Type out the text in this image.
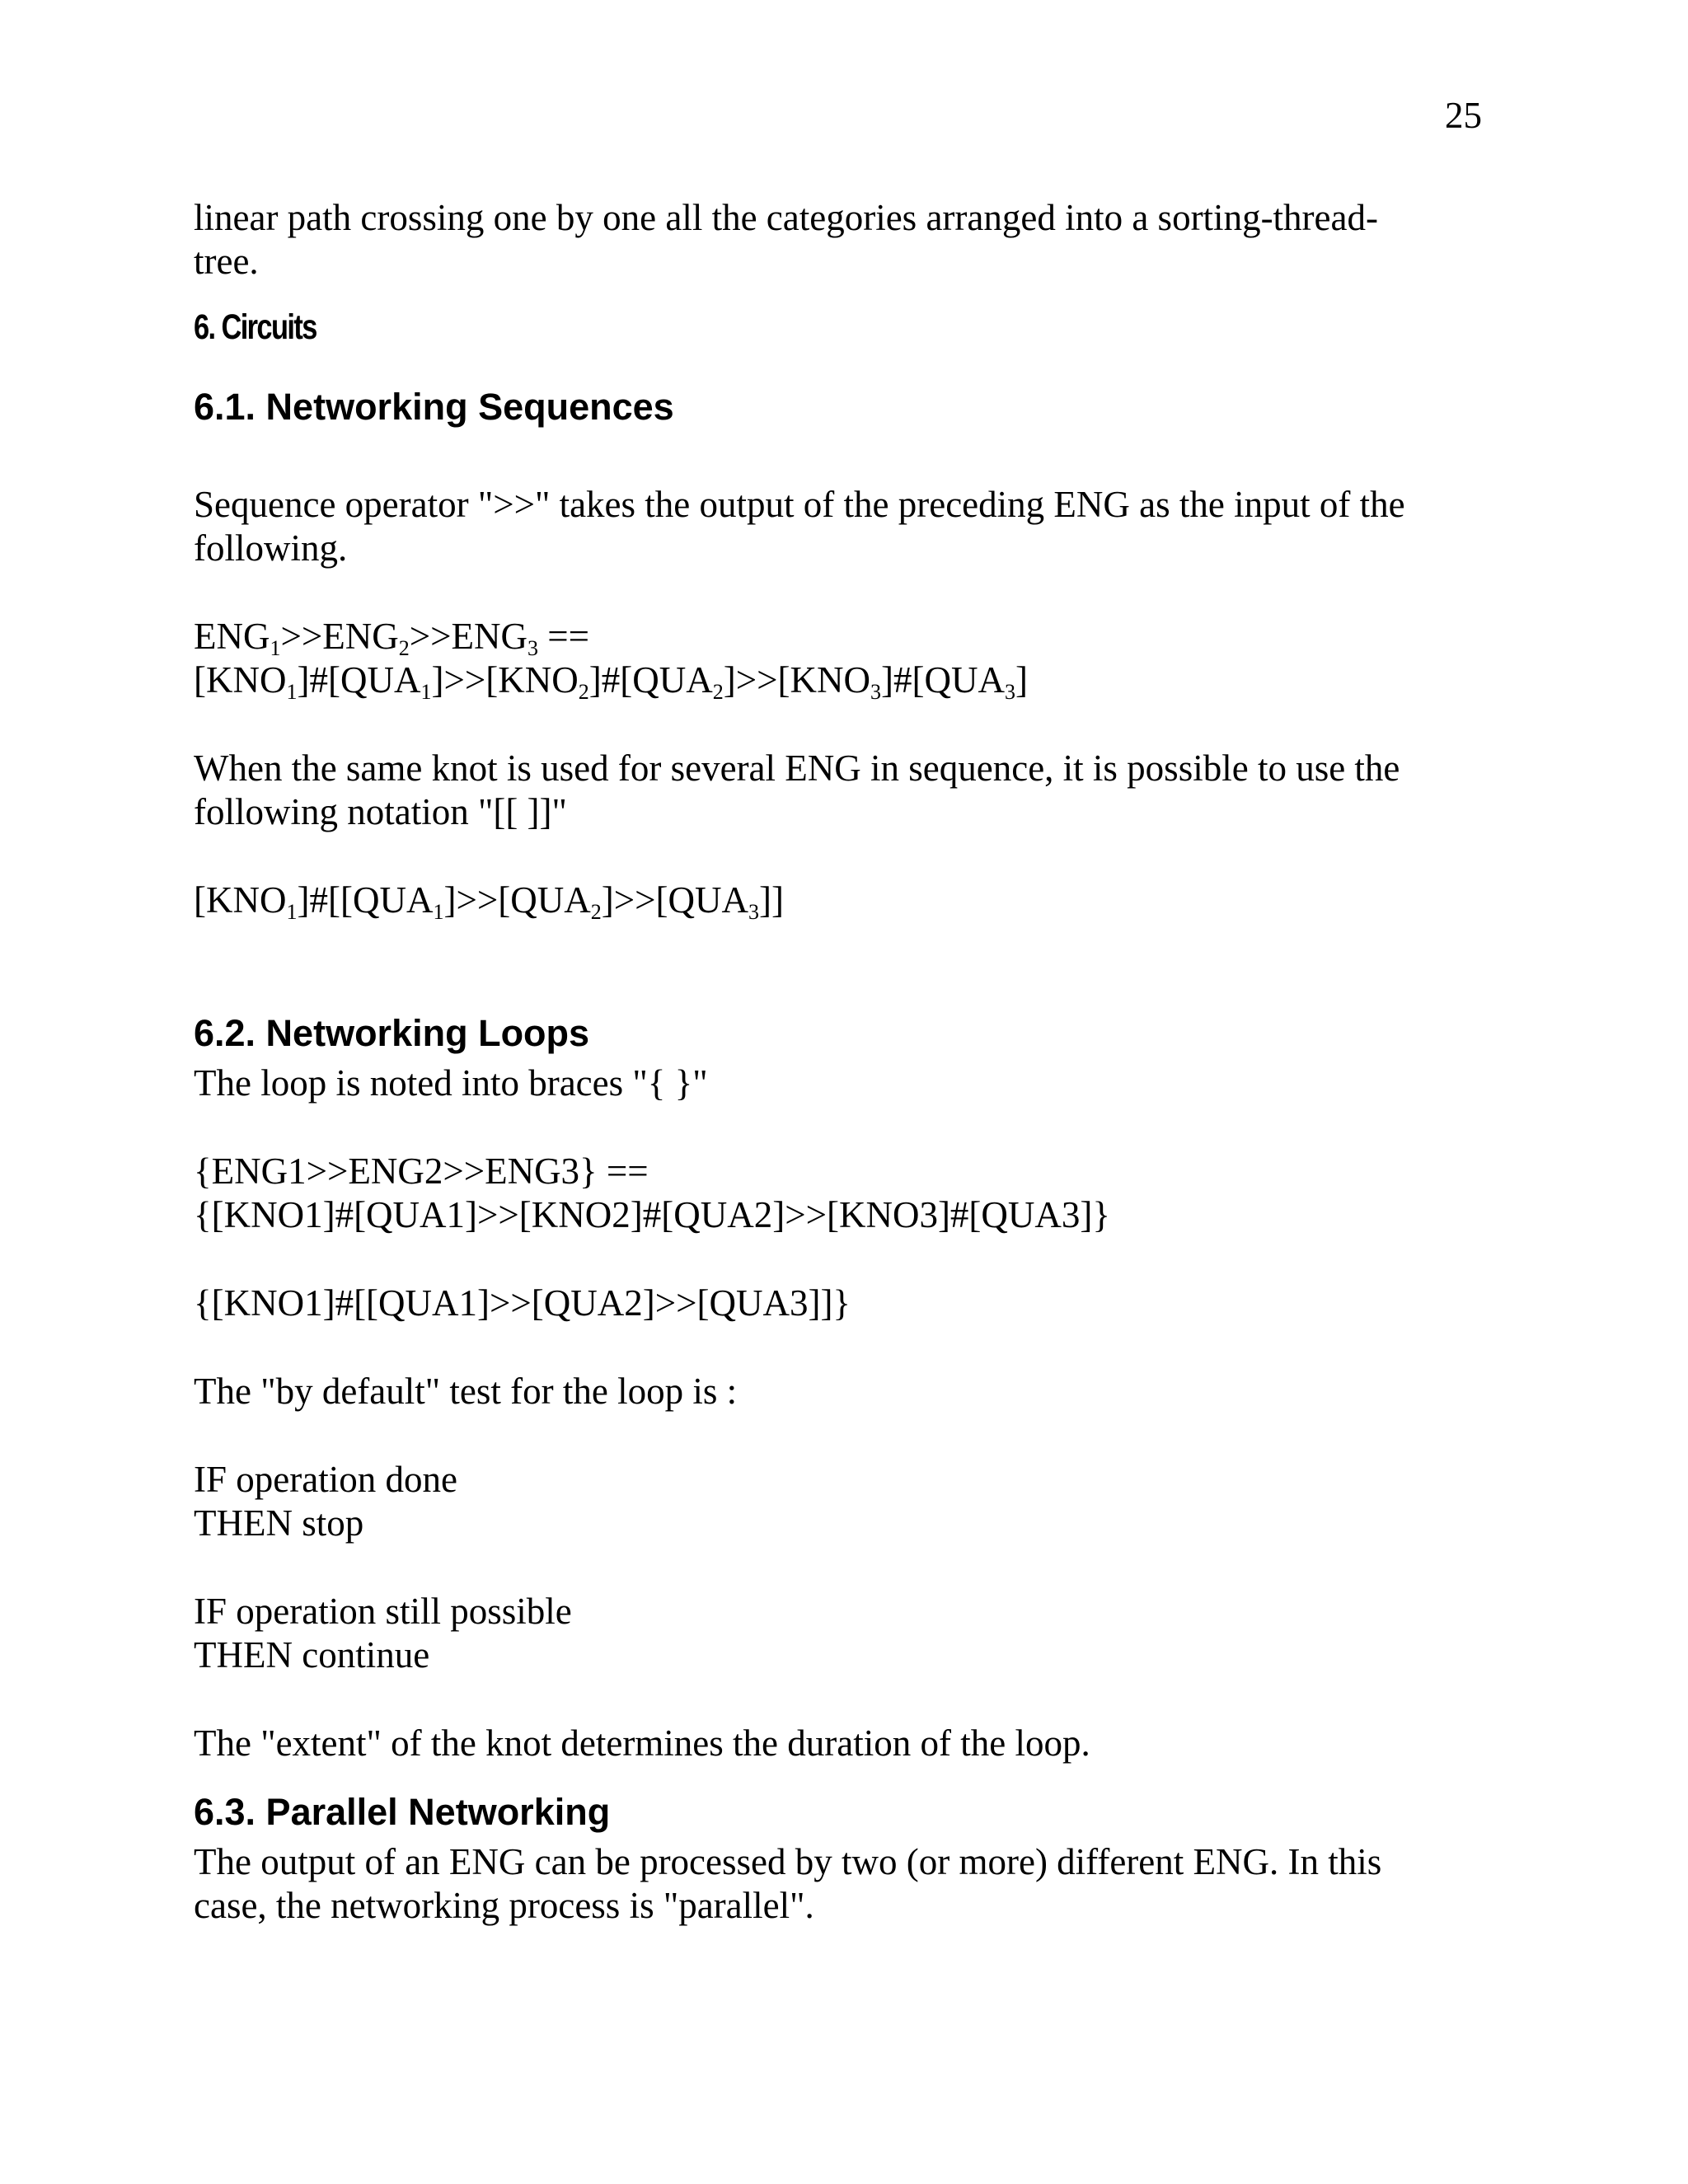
25
linear path crossing one by one all the categories arranged into a sorting-thread-
tree.
6. Circuits
6.1. Networking Sequences
Sequence operator ">>" takes the output of the preceding ENG as the input of the
following.
$ENG_1>>ENG_2>>ENG_3$ ==
$[KNO_1]\#[QUA_1]>>[KNO_2]\#[QUA_2]>>[KNO_3]\#[QUA_3]$
When the same knot is used for several ENG in sequence, it is possible to use the
following notation "[[ ]]"
$[KNO_1]\#[[QUA_1]>>[QUA_2]>>[QUA_3]]$
6.2. Networking Loops
The loop is noted into braces "{ }"
{ENG1>>ENG2>>ENG3} ==
{[KNO1]#[QUA1]>>[KNO2]#[QUA2]>>[KNO3]#[QUA3]}
{[KNO1]#[[QUA1]>>[QUA2]>>[QUA3]]}
The "by default" test for the loop is :
IF operation done
THEN stop
IF operation still possible
THEN continue
The "extent" of the knot determines the duration of the loop.
6.3. Parallel Networking
The output of an ENG can be processed by two (or more) different ENG. In this
case, the networking process is "parallel".
